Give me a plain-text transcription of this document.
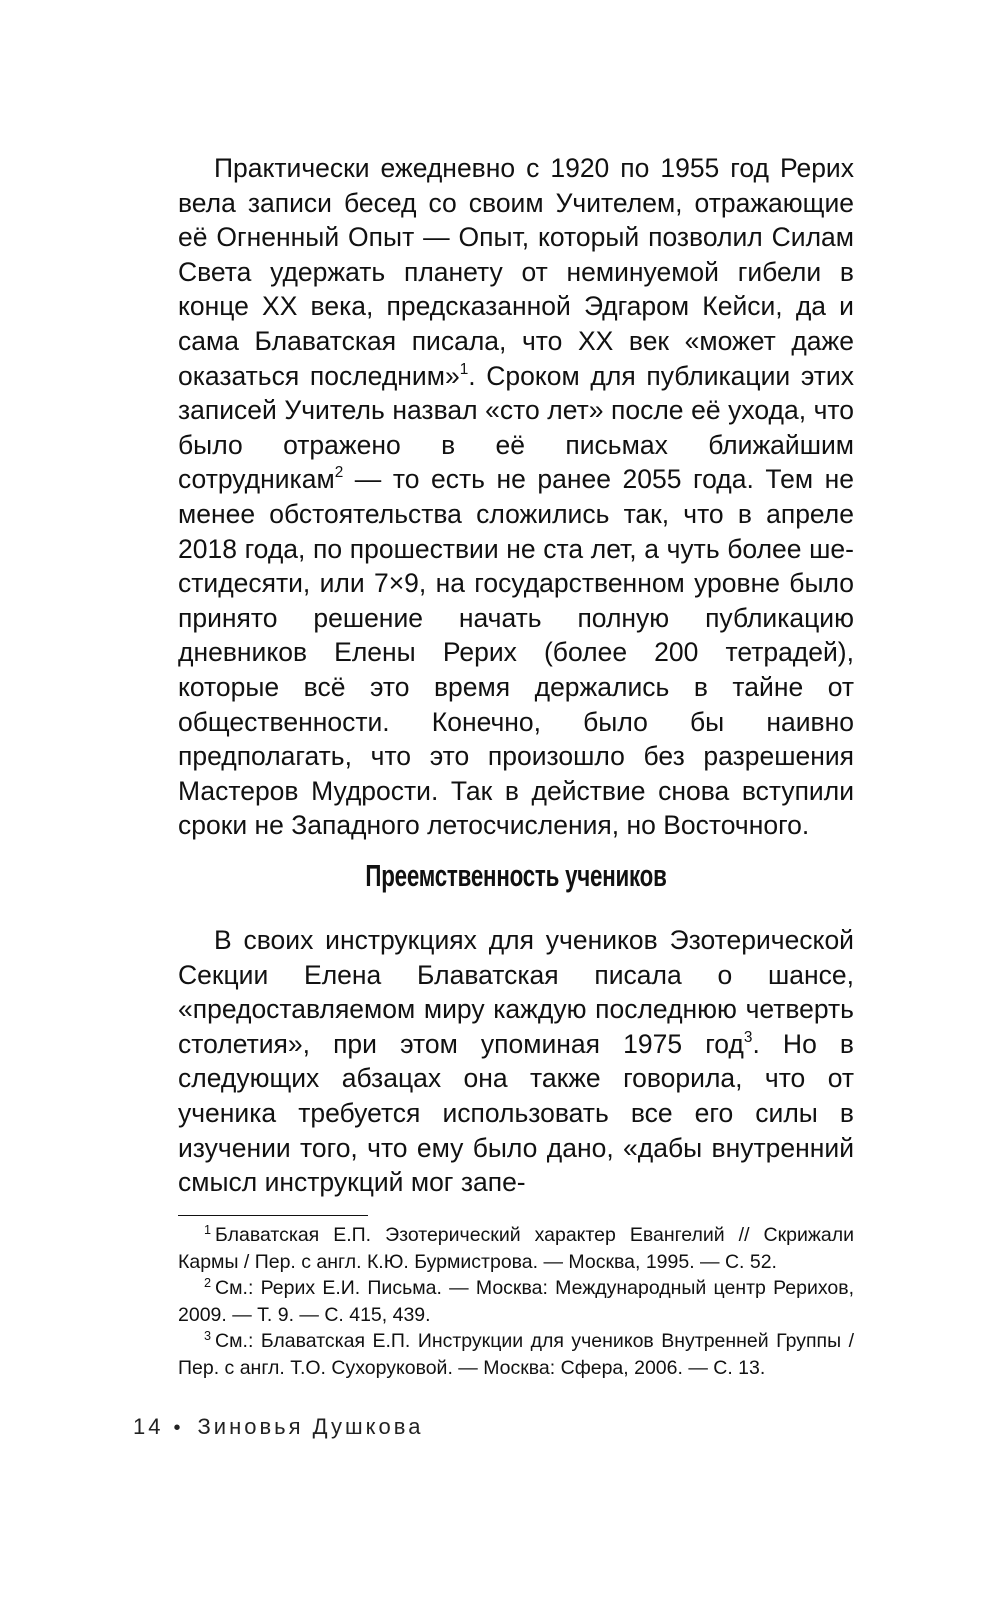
Практически ежедневно с 1920 по 1955 год Рерих вела записи бесед со своим Учителем, отражающие её Огненный Опыт — Опыт, который позволил Силам Света удержать планету от неминуемой гибели в конце XX века, предсказанной Эдгаром Кейси, да и сама Блаватская писала, что XX век «может даже оказаться последним»$^1$. Сроком для публикации этих записей Учитель назвал «сто лет» после её ухода, что было отражено в её письмах ближайшим сотрудникам$^2$ — то есть не ранее 2055 года. Тем не менее обстоятельства сложились так, что в апреле 2018 года, по прошествии не ста лет, а чуть более шестидесяти, или 7×9, на государственном уровне было принято решение начать полную публикацию дневников Елены Рерих (более 200 тетрадей), которые всё это время держались в тайне от общественности. Конечно, было бы наивно предполагать, что это произошло без разрешения Мастеров Мудрости. Так в действие снова вступили сроки не Западного летосчисления, но Восточного.

Преемственность учеников

В своих инструкциях для учеников Эзотерической Секции Елена Блаватская писала о шансе, «предоставляемом миру каждую последнюю четверть столетия», при этом упоминая 1975 год$^3$. Но в следующих абзацах она также говорила, что от ученика требуется использовать все его силы в изучении того, что ему было дано, «дабы внутренний смысл инструкций мог запе-

$^1$ Блаватская Е.П. Эзотерический характер Евангелий // Скрижали Кармы / Пер. с англ. К.Ю. Бурмистрова. — Москва, 1995. — С. 52.

$^2$ См.: Рерих Е.И. Письма. — Москва: Международный центр Рерихов, 2009. — Т. 9. — С. 415, 439.

$^3$ См.: Блаватская Е.П. Инструкции для учеников Внутренней Группы / Пер. с англ. Т.О. Сухоруковой. — Москва: Сфера, 2006. — С. 13.

14 • Зиновья Душкова
